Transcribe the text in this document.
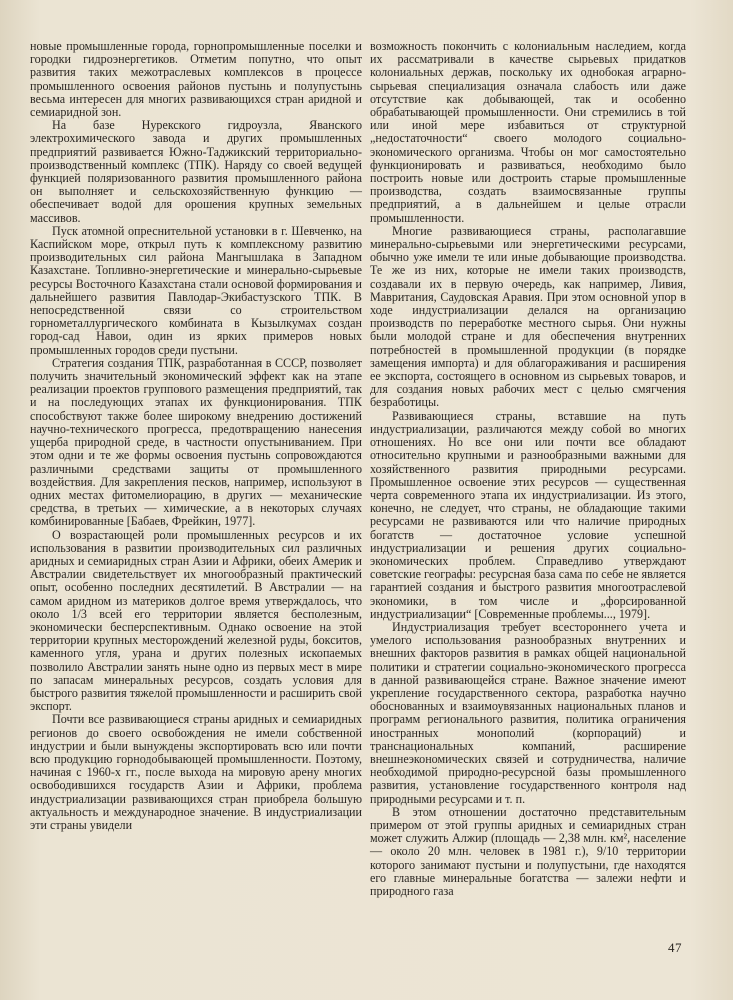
новые промышленные города, горнопромышленные поселки и городки гидроэнергетиков. Отметим попутно, что опыт развития таких межотраслевых комплексов в процессе промышленного освоения районов пустынь и полупустынь весьма интересен для многих развивающихся стран аридной и семиаридной зон.

На базе Нурекского гидроузла, Яванского электрохимического завода и других промышленных предприятий развивается Южно-Таджикский территориально-производственный комплекс (ТПК). Наряду со своей ведущей функцией поляризованного развития промышленного района он выполняет и сельскохозяйственную функцию — обеспечивает водой для орошения крупных земельных массивов.

Пуск атомной опреснительной установки в г. Шевченко, на Каспийском море, открыл путь к комплексному развитию производительных сил района Мангышлака в Западном Казахстане. Топливно-энергетические и минерально-сырьевые ресурсы Восточного Казахстана стали основой формирования и дальнейшего развития Павлодар-Экибастузского ТПК. В непосредственной связи со строительством горнометаллургического комбината в Кызылкумах создан город-сад Навои, один из ярких примеров новых промышленных городов среди пустыни.

Стратегия создания ТПК, разработанная в СССР, позволяет получить значительный экономический эффект как на этапе реализации проектов группового размещения предприятий, так и на последующих этапах их функционирования. ТПК способствуют также более широкому внедрению достижений научно-технического прогресса, предотвращению нанесения ущерба природной среде, в частности опустыниванием. При этом одни и те же формы освоения пустынь сопровождаются различными средствами защиты от промышленного воздействия. Для закрепления песков, например, используют в одних местах фитомелиорацию, в других — механические средства, в третьих — химические, а в некоторых случаях комбинированные [Бабаев, Фрейкин, 1977].

О возрастающей роли промышленных ресурсов и их использования в развитии производительных сил различных аридных и семиаридных стран Азии и Африки, обеих Америк и Австралии свидетельствует их многообразный практический опыт, особенно последних десятилетий. В Австралии — на самом аридном из материков долгое время утверждалось, что около 1/3 всей его территории является бесполезным, экономически бесперспективным. Однако освоение на этой территории крупных месторождений железной руды, бокситов, каменного угля, урана и других полезных ископаемых позволило Австралии занять ныне одно из первых мест в мире по запасам минеральных ресурсов, создать условия для быстрого развития тяжелой промышленности и расширить свой экспорт.

Почти все развивающиеся страны аридных и семиаридных регионов до своего освобождения не имели собственной индустрии и были вынуждены экспортировать всю или почти всю продукцию горнодобывающей промышленности. Поэтому, начиная с 1960-х гг., после выхода на мировую арену многих освободившихся государств Азии и Африки, проблема индустриализации развивающихся стран приобрела большую актуальность и международное значение. В индустриализации эти страны увидели

возможность покончить с колониальным наследием, когда их рассматривали в качестве сырьевых придатков колониальных держав, поскольку их однобокая аграрно-сырьевая специализация означала слабость или даже отсутствие как добывающей, так и особенно обрабатывающей промышленности. Они стремились в той или иной мере избавиться от структурной „недостаточности“ своего молодого социально-экономического организма. Чтобы он мог самостоятельно функционировать и развиваться, необходимо было построить новые или достроить старые промышленные производства, создать взаимосвязанные группы предприятий, а в дальнейшем и целые отрасли промышленности.

Многие развивающиеся страны, располагавшие минерально-сырьевыми или энергетическими ресурсами, обычно уже имели те или иные добывающие производства. Те же из них, которые не имели таких производств, создавали их в первую очередь, как например, Ливия, Мавритания, Саудовская Аравия. При этом основной упор в ходе индустриализации делался на организацию производств по переработке местного сырья. Они нужны были молодой стране и для обеспечения внутренних потребностей в промышленной продукции (в порядке замещения импорта) и для облагораживания и расширения ее экспорта, состоящего в основном из сырьевых товаров, и для создания новых рабочих мест с целью смягчения безработицы.

Развивающиеся страны, вставшие на путь индустриализации, различаются между собой во многих отношениях. Но все они или почти все обладают относительно крупными и разнообразными важными для хозяйственного развития природными ресурсами. Промышленное освоение этих ресурсов — существенная черта современного этапа их индустриализации. Из этого, конечно, не следует, что страны, не обладающие такими ресурсами не развиваются или что наличие природных богатств — достаточное условие успешной индустриализации и решения других социально-экономических проблем. Справедливо утверждают советские географы: ресурсная база сама по себе не является гарантией создания и быстрого развития многоотраслевой экономики, в том числе и „форсированной индустриализации“ [Современные проблемы..., 1979].

Индустриализация требует всестороннего учета и умелого использования разнообразных внутренних и внешних факторов развития в рамках общей национальной политики и стратегии социально-экономического прогресса в данной развивающейся стране. Важное значение имеют укрепление государственного сектора, разработка научно обоснованных и взаимоувязанных национальных планов и программ регионального развития, политика ограничения иностранных монополий (корпораций) и транснациональных компаний, расширение внешнеэкономических связей и сотрудничества, наличие необходимой природно-ресурсной базы промышленного развития, установление государственного контроля над природными ресурсами и т. п.

В этом отношении достаточно представительным примером от этой группы аридных и семиаридных стран может служить Алжир (площадь — 2,38 млн. км², население — около 20 млн. человек в 1981 г.), 9/10 территории которого занимают пустыни и полупустыни, где находятся его главные минеральные богатства — залежи нефти и природного газа

47
